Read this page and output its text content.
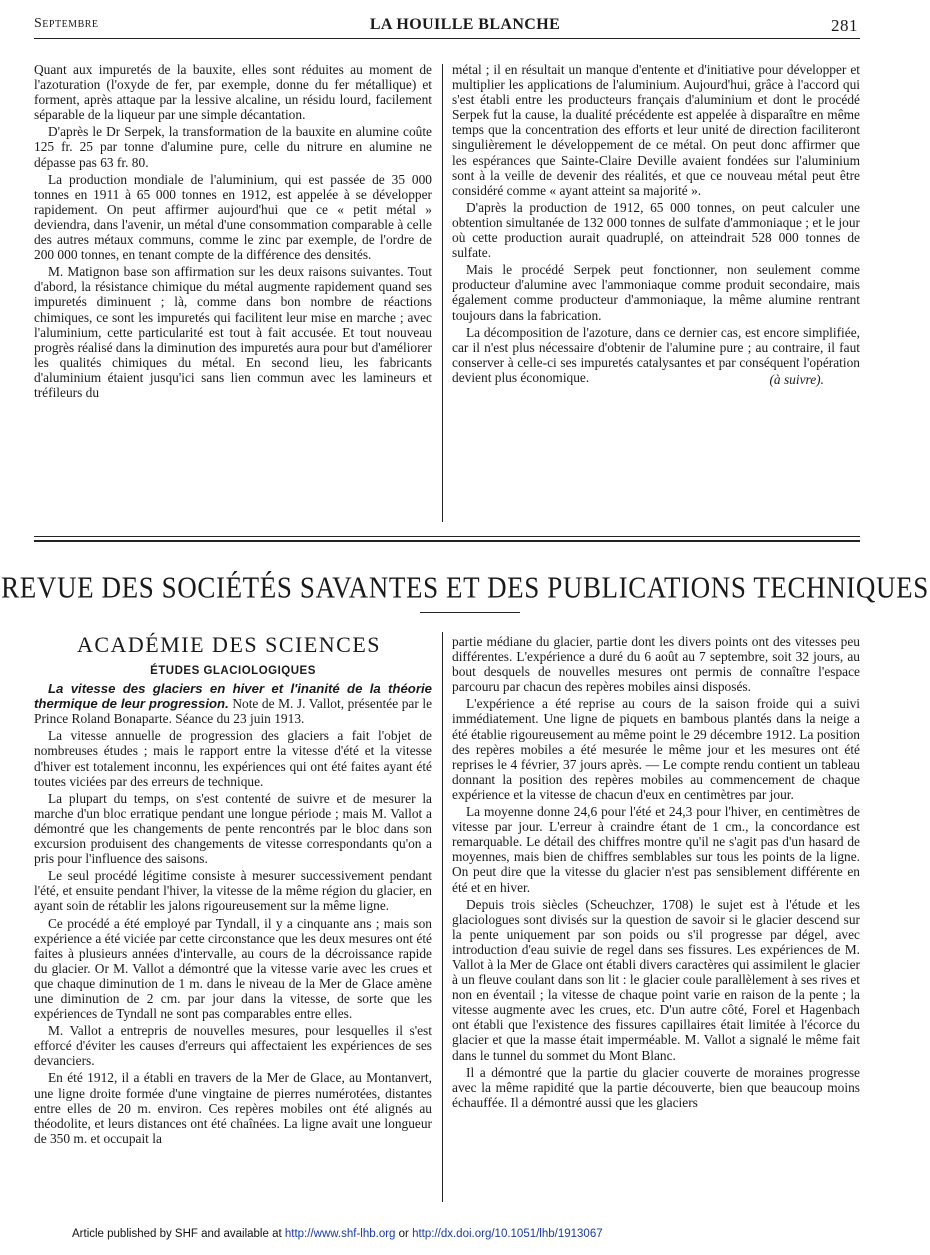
Septembre	LA HOUILLE BLANCHE	281

Quant aux impuretés de la bauxite, elles sont réduites au moment de l'azoturation (l'oxyde de fer, par exemple, donne du fer métallique) et forment, après attaque par la lessive alcaline, un résidu lourd, facilement séparable de la liqueur par une simple décantation.

D'après le Dr Serpek, la transformation de la bauxite en alumine coûte 125 fr. 25 par tonne d'alumine pure, celle du nitrure en alumine ne dépasse pas 63 fr. 80.

La production mondiale de l'aluminium, qui est passée de 35 000 tonnes en 1911 à 65 000 tonnes en 1912, est appelée à se développer rapidement. On peut affirmer aujourd'hui que ce « petit métal » deviendra, dans l'avenir, un métal d'une consommation comparable à celle des autres métaux communs, comme le zinc par exemple, de l'ordre de 200 000 tonnes, en tenant compte de la différence des densités.

M. Matignon base son affirmation sur les deux raisons suivantes. Tout d'abord, la résistance chimique du métal augmente rapidement quand ses impuretés diminuent ; là, comme dans bon nombre de réactions chimiques, ce sont les impuretés qui facilitent leur mise en marche ; avec l'aluminium, cette particularité est tout à fait accusée. Et tout nouveau progrès réalisé dans la diminution des impuretés aura pour but d'améliorer les qualités chimiques du métal. En second lieu, les fabricants d'aluminium étaient jusqu'ici sans lien commun avec les lamineurs et tréfileurs du

métal ; il en résultait un manque d'entente et d'initiative pour développer et multiplier les applications de l'aluminium. Aujourd'hui, grâce à l'accord qui s'est établi entre les producteurs français d'aluminium et dont le procédé Serpek fut la cause, la dualité précédente est appelée à disparaître en même temps que la concentration des efforts et leur unité de direction faciliteront singulièrement le développement de ce métal. On peut donc affirmer que les espérances que Sainte-Claire Deville avaient fondées sur l'aluminium sont à la veille de devenir des réalités, et que ce nouveau métal peut être considéré comme « ayant atteint sa majorité ».

D'après la production de 1912, 65 000 tonnes, on peut calculer une obtention simultanée de 132 000 tonnes de sulfate d'ammoniaque ; et le jour où cette production aurait quadruplé, on atteindrait 528 000 tonnes de sulfate.

Mais le procédé Serpek peut fonctionner, non seulement comme producteur d'alumine avec l'ammoniaque comme produit secondaire, mais également comme producteur d'ammoniaque, la même alumine rentrant toujours dans la fabrication.

La décomposition de l'azoture, dans ce dernier cas, est encore simplifiée, car il n'est plus nécessaire d'obtenir de l'alumine pure ; au contraire, il faut conserver à celle-ci ses impuretés catalysantes et par conséquent l'opération devient plus économique.	(à suivre).

REVUE DES SOCIÉTÉS SAVANTES ET DES PUBLICATIONS TECHNIQUES
ACADÉMIE DES SCIENCES

ÉTUDES GLACIOLOGIQUES

La vitesse des glaciers en hiver et l'inanité de la théorie thermique de leur progression. Note de M. J. Vallot, présentée par le Prince Roland Bonaparte. Séance du 23 juin 1913.

La vitesse annuelle de progression des glaciers a fait l'objet de nombreuses études ; mais le rapport entre la vitesse d'été et la vitesse d'hiver est totalement inconnu, les expériences qui ont été faites ayant été toutes viciées par des erreurs de technique.

La plupart du temps, on s'est contenté de suivre et de mesurer la marche d'un bloc erratique pendant une longue période ; mais M. Vallot a démontré que les changements de pente rencontrés par le bloc dans son excursion produisent des changements de vitesse correspondants qu'on a pris pour l'influence des saisons.

Le seul procédé légitime consiste à mesurer successivement pendant l'été, et ensuite pendant l'hiver, la vitesse de la même région du glacier, en ayant soin de rétablir les jalons rigoureusement sur la même ligne.

Ce procédé a été employé par Tyndall, il y a cinquante ans ; mais son expérience a été viciée par cette circonstance que les deux mesures ont été faites à plusieurs années d'intervalle, au cours de la décroissance rapide du glacier. Or M. Vallot a démontré que la vitesse varie avec les crues et que chaque diminution de 1 m. dans le niveau de la Mer de Glace amène une diminution de 2 cm. par jour dans la vitesse, de sorte que les expériences de Tyndall ne sont pas comparables entre elles.

M. Vallot a entrepris de nouvelles mesures, pour lesquelles il s'est efforcé d'éviter les causes d'erreurs qui affectaient les expériences de ses devanciers.

En été 1912, il a établi en travers de la Mer de Glace, au Montanvert, une ligne droite formée d'une vingtaine de pierres numérotées, distantes entre elles de 20 m. environ. Ces repères mobiles ont été alignés au théodolite, et leurs distances ont été chaînées. La ligne avait une longueur de 350 m. et occupait la

partie médiane du glacier, partie dont les divers points ont des vitesses peu différentes. L'expérience a duré du 6 août au 7 septembre, soit 32 jours, au bout desquels de nouvelles mesures ont permis de connaître l'espace parcouru par chacun des repères mobiles ainsi disposés.

L'expérience a été reprise au cours de la saison froide qui a suivi immédiatement. Une ligne de piquets en bambous plantés dans la neige a été établie rigoureusement au même point le 29 décembre 1912. La position des repères mobiles a été mesurée le même jour et les mesures ont été reprises le 4 février, 37 jours après. — Le compte rendu contient un tableau donnant la position des repères mobiles au commencement de chaque expérience et la vitesse de chacun d'eux en centimètres par jour.

La moyenne donne 24,6 pour l'été et 24,3 pour l'hiver, en centimètres de vitesse par jour. L'erreur à craindre étant de 1 cm., la concordance est remarquable. Le détail des chiffres montre qu'il ne s'agit pas d'un hasard de moyennes, mais bien de chiffres semblables sur tous les points de la ligne. On peut dire que la vitesse du glacier n'est pas sensiblement différente en été et en hiver.

Depuis trois siècles (Scheuchzer, 1708) le sujet est à l'étude et les glaciologues sont divisés sur la question de savoir si le glacier descend sur la pente uniquement par son poids ou s'il progresse par dégel, avec introduction d'eau suivie de regel dans ses fissures. Les expériences de M. Vallot à la Mer de Glace ont établi divers caractères qui assimilent le glacier à un fleuve coulant dans son lit : le glacier coule parallèlement à ses rives et non en éventail ; la vitesse de chaque point varie en raison de la pente ; la vitesse augmente avec les crues, etc. D'un autre côté, Forel et Hagenbach ont établi que l'existence des fissures capillaires était limitée à l'écorce du glacier et que la masse était imperméable. M. Vallot a signalé le même fait dans le tunnel du sommet du Mont Blanc.

Il a démontré que la partie du glacier couverte de moraines progresse avec la même rapidité que la partie découverte, bien que beaucoup moins échauffée. Il a démontré aussi que les glaciers

Article published by SHF and available at http://www.shf-lhb.org or http://dx.doi.org/10.1051/lhb/1913067
